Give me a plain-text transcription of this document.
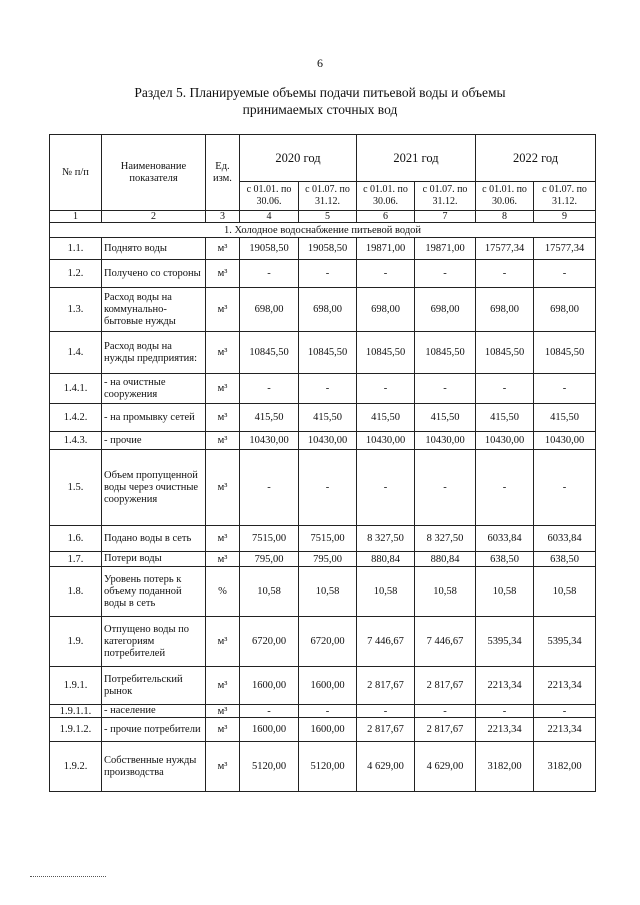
6
Раздел 5. Планируемые объемы подачи питьевой воды и объемы
принимаемых сточных вод
№ п/п	Наименование показателя	Ед. изм.	2020 год		2021 год		2022 год	
			с 01.01. по 30.06.	с 01.07. по 31.12.	с 01.01. по 30.06.	с 01.07. по 31.12.	с 01.01. по 30.06.	с 01.07. по 31.12.
1	2	3	4	5	6	7	8	9
1. Холодное водоснабжение питьевой водой								
1.1.	Поднято воды	м³	19058,50	19058,50	19871,00	19871,00	17577,34	17577,34
1.2.	Получено со стороны	м³	-	-	-	-	-	-
1.3.	Расход воды на коммунально-бытовые нужды	м³	698,00	698,00	698,00	698,00	698,00	698,00
1.4.	Расход воды на нужды предприятия:	м³	10845,50	10845,50	10845,50	10845,50	10845,50	10845,50
1.4.1.	- на очистные сооружения	м³	-	-	-	-	-	-
1.4.2.	- на промывку сетей	м³	415,50	415,50	415,50	415,50	415,50	415,50
1.4.3.	- прочие	м³	10430,00	10430,00	10430,00	10430,00	10430,00	10430,00
1.5.	Объем пропущенной воды через очистные сооружения	м³	-	-	-	-	-	-
1.6.	Подано воды в сеть	м³	7515,00	7515,00	8 327,50	8 327,50	6033,84	6033,84
1.7.	Потери воды	м³	795,00	795,00	880,84	880,84	638,50	638,50
1.8.	Уровень потерь к объему поданной воды в сеть	%	10,58	10,58	10,58	10,58	10,58	10,58
1.9.	Отпущено воды по категориям потребителей	м³	6720,00	6720,00	7 446,67	7 446,67	5395,34	5395,34
1.9.1.	Потребительский рынок	м³	1600,00	1600,00	2 817,67	2 817,67	2213,34	2213,34
1.9.1.1.	- население	м³	-	-	-	-	-	-
1.9.1.2.	- прочие потребители	м³	1600,00	1600,00	2 817,67	2 817,67	2213,34	2213,34
1.9.2.	Собственные нужды производства	м³	5120,00	5120,00	4 629,00	4 629,00	3182,00	3182,00
